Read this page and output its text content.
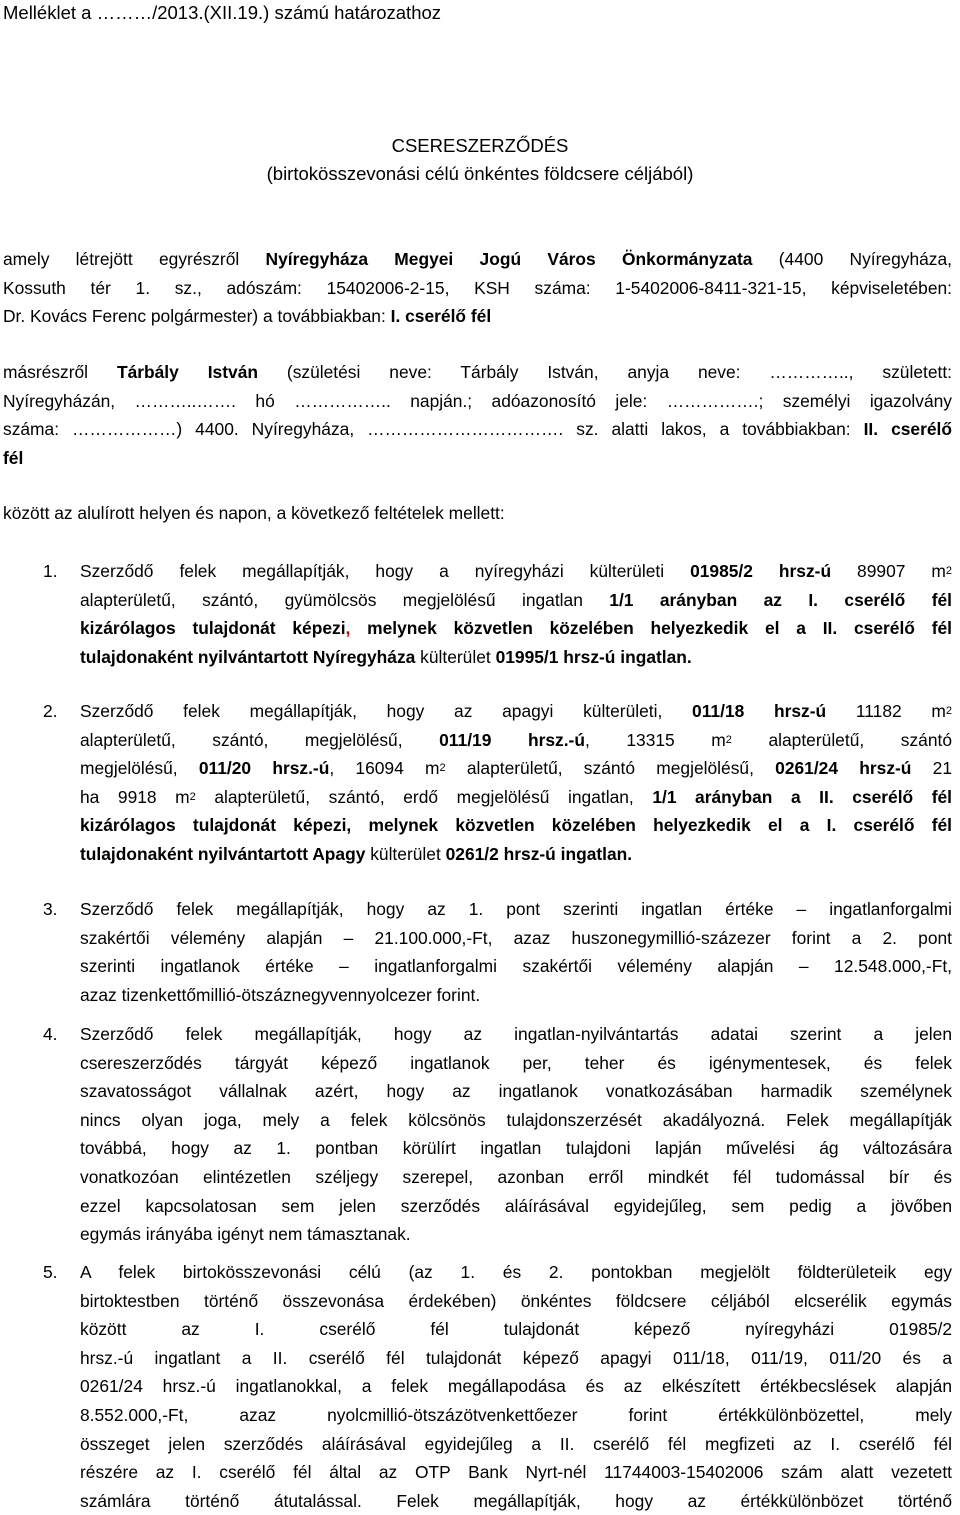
Melléklet a ………/2013.(XII.19.) számú határozathoz
CSERESZERZŐDÉS
(birtokösszevonási célú önkéntes földcsere céljából)
amely létrejött egyrészről Nyíregyháza Megyei Jogú Város Önkormányzata (4400 Nyíregyháza,
Kossuth tér 1. sz., adószám: 15402006-2-15, KSH száma: 1-5402006-8411-321-15, képviseletében:
Dr. Kovács Ferenc polgármester) a továbbiakban: I. cserélő fél
másrészről Tárbály István (születési neve: Tárbály István, anyja neve: ………….., született:
Nyíregyházán, ………..……. hó …………….. napján.; adóazonosító jele: …………….; személyi igazolvány
száma: ………………) 4400. Nyíregyháza, ……………………………. sz. alatti lakos, a továbbiakban: II. cserélő
fél
között az alulírott helyen és napon, a következő feltételek mellett:
1. Szerződő felek megállapítják, hogy a nyíregyházi külterületi 01985/2 hrsz-ú 89907 $m^2$
alapterületű, szántó, gyümölcsös megjelölésű ingatlan 1/1 arányban az I. cserélő fél
kizárólagos tulajdonát képezi, melynek közvetlen közelében helyezkedik el a II. cserélő fél
tulajdonaként nyilvántartott Nyíregyháza külterület 01995/1 hrsz-ú ingatlan.
2. Szerződő felek megállapítják, hogy az apagyi külterületi, 011/18 hrsz-ú 11182 $m^2$
alapterületű, szántó, megjelölésű, 011/19 hrsz.-ú, 13315 $m^2$ alapterületű, szántó
megjelölésű, 011/20 hrsz.-ú, 16094 $m^2$ alapterületű, szántó megjelölésű, 0261/24 hrsz-ú 21
ha 9918 $m^2$ alapterületű, szántó, erdő megjelölésű ingatlan, 1/1 arányban a II. cserélő fél
kizárólagos tulajdonát képezi, melynek közvetlen közelében helyezkedik el a I. cserélő fél
tulajdonaként nyilvántartott Apagy külterület 0261/2 hrsz-ú ingatlan.
3. Szerződő felek megállapítják, hogy az 1. pont szerinti ingatlan értéke – ingatlanforgalmi
szakértői vélemény alapján – 21.100.000,-Ft, azaz huszonegymillió-százezer forint a 2. pont
szerinti ingatlanok értéke – ingatlanforgalmi szakértői vélemény alapján – 12.548.000,-Ft,
azaz tizenkettőmillió-ötszáznegyvennyolcezer forint.
4. Szerződő felek megállapítják, hogy az ingatlan-nyilvántartás adatai szerint a jelen
csereszerződés tárgyát képező ingatlanok per, teher és igénymentesek, és felek
szavatosságot vállalnak azért, hogy az ingatlanok vonatkozásában harmadik személynek
nincs olyan joga, mely a felek kölcsönös tulajdonszerzését akadályozná. Felek megállapítják
továbbá, hogy az 1. pontban körülírt ingatlan tulajdoni lapján művelési ág változására
vonatkozóan elintézetlen széljegy szerepel, azonban erről mindkét fél tudomással bír és
ezzel kapcsolatosan sem jelen szerződés aláírásával egyidejűleg, sem pedig a jövőben
egymás irányába igényt nem támasztanak.
5. A felek birtokösszevonási célú (az 1. és 2. pontokban megjelölt földterületeik egy
birtoktestben történő összevonása érdekében) önkéntes földcsere céljából elcserélik egymás
között az I. cserélő fél tulajdonát képező nyíregyházi 01985/2
hrsz.-ú ingatlant a II. cserélő fél tulajdonát képező apagyi 011/18, 011/19, 011/20 és a
0261/24 hrsz.-ú ingatlanokkal, a felek megállapodása és az elkészített értékbecslések alapján
8.552.000,-Ft, azaz nyolcmillió-ötszázötvenkettőezer forint értékkülönbözettel, mely
összeget jelen szerződés aláírásával egyidejűleg a II. cserélő fél megfizeti az I. cserélő fél
részére az I. cserélő fél által az OTP Bank Nyrt-nél 11744003-15402006 szám alatt vezetett
számlára történő átutalással. Felek megállapítják, hogy az értékkülönbözet történő
